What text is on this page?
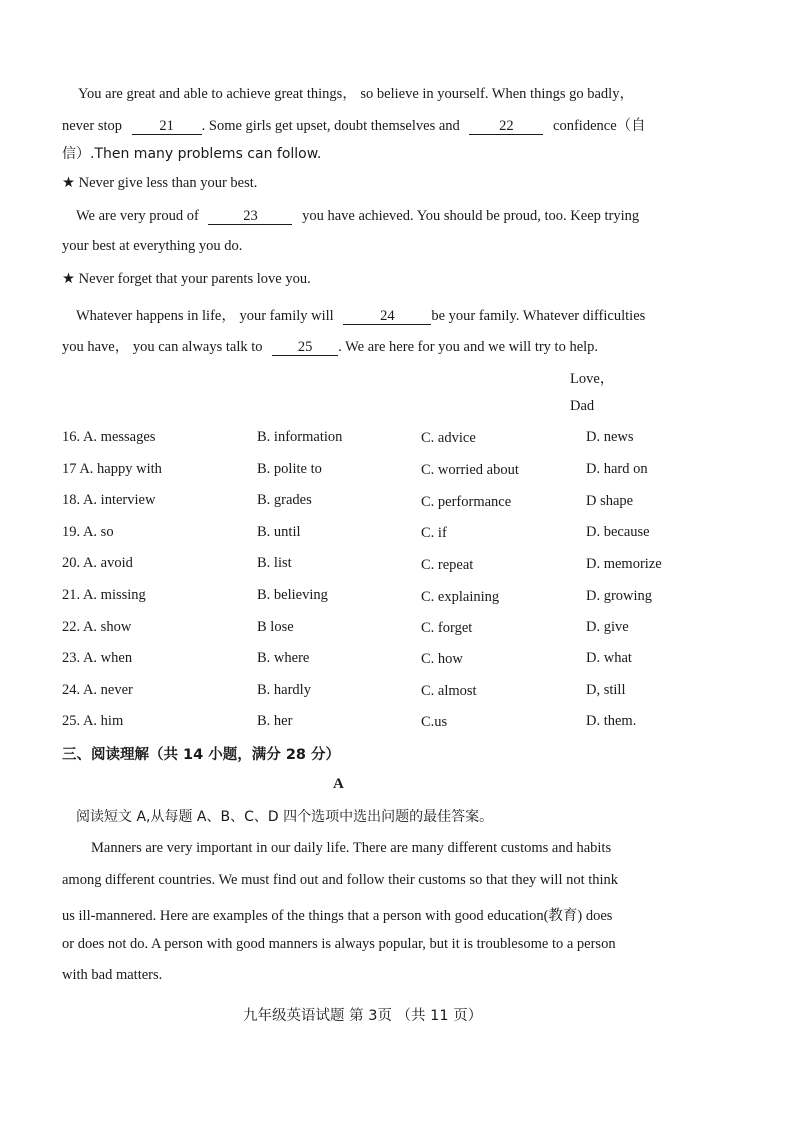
You are great and able to achieve great things， so believe in yourself. When things go badly，
never stop	21 . Some girls get upset, doubt themselves and	22	confidence（自
信）.Then many problems can follow.
★ Never give less than your best.
We are very proud of	23	you have achieved. You should be proud, too. Keep trying
your best at everything you do.
★ Never forget that your parents love you.
Whatever happens in life， your family will	24	be your family. Whatever difficulties
you have， you can always talk to 25 . We are here for you and we will try to help.
Love，
Dad
16. A. messages	B. information	C. advice	D. news
17 A. happy with	B. polite to	C. worried about	D. hard on
18. A. interview	B. grades	C. performance	D shape
19. A. so	B. until	C. if	D. because
20. A. avoid	B. list	C. repeat	D. memorize
21. A. missing	B. believing	C. explaining	D. growing
22. A. show	B lose	C. forget	D. give
23. A. when	B. where	C. how	D. what
24. A. never	B. hardly	C. almost	D, still
25. A. him	B. her	C.us	D. them.
三、阅读理解（共 14 小题，满分 28 分）
A
阅读短文 A,从每题 A、B、C、D 四个选项中选出问题的最佳答案。
Manners are very important in our daily life. There are many different customs and habits
among different countries. We must find out and follow their customs so that they will not think
us ill-mannered. Here are examples of the things that a person with good education(教育) does
or does not do. A person with good manners is always popular, but it is troublesome to a person
with bad matters.
九年级英语试题 第 3页 （共 11 页）
